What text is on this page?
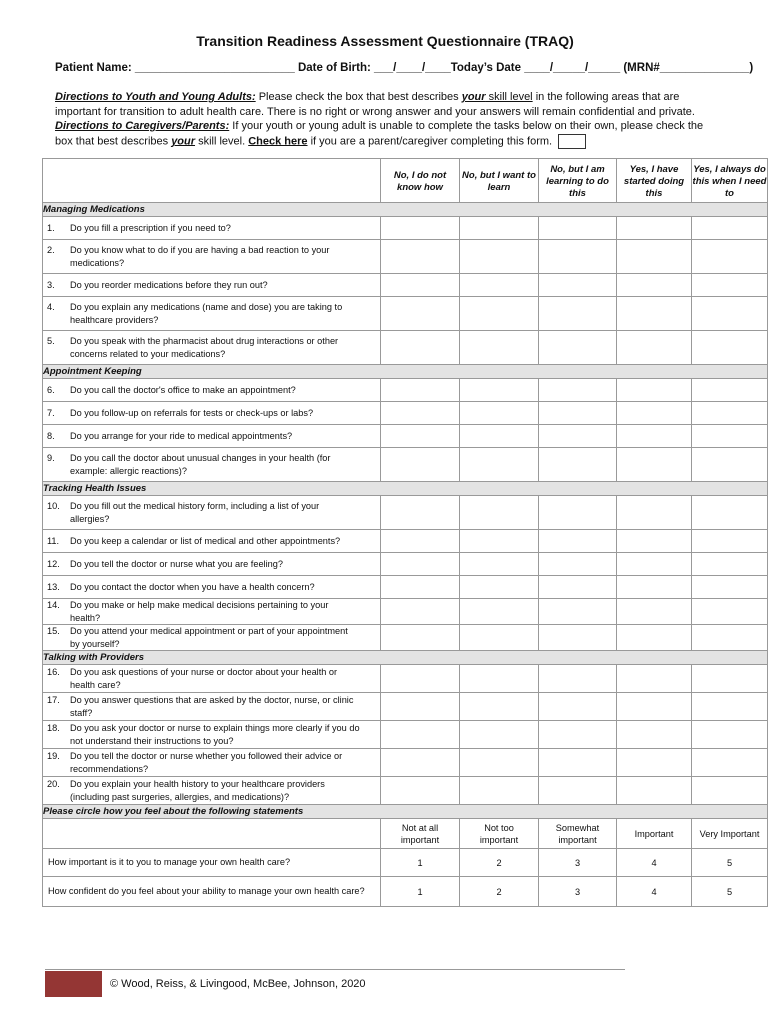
Transition Readiness Assessment Questionnaire (TRAQ)
Patient Name: _________________________ Date of Birth: ___/____/____Today’s Date ____/_____/_____ (MRN#______________)
Directions to Youth and Young Adults: Please check the box that best describes your skill level in the following areas that are important for transition to adult health care. There is no right or wrong answer and your answers will remain confidential and private.
Directions to Caregivers/Parents: If your youth or young adult is unable to complete the tasks below on their own, please check the box that best describes your skill level. Check here if you are a parent/caregiver completing this form.
	No, I do not know how	No, but I want to learn	No, but I am learning to do this	Yes, I have started doing this	Yes, I always do this when I need to
Managing Medications					
1. Do you fill a prescription if you need to?					
2. Do you know what to do if you are having a bad reaction to your medications?					
3. Do you reorder medications before they run out?					
4. Do you explain any medications (name and dose) you are taking to healthcare providers?					
5. Do you speak with the pharmacist about drug interactions or other concerns related to your medications?					
Appointment Keeping					
6. Do you call the doctor's office to make an appointment?					
7. Do you follow-up on referrals for tests or check-ups or labs?					
8. Do you arrange for your ride to medical appointments?					
9. Do you call the doctor about unusual changes in your health (for example: allergic reactions)?					
Tracking Health Issues					
10. Do you fill out the medical history form, including a list of your allergies?					
11. Do you keep a calendar or list of medical and other appointments?					
12. Do you tell the doctor or nurse what you are feeling?					
13. Do you contact the doctor when you have a health concern?					
14. Do you make or help make medical decisions pertaining to your health?					
15. Do you attend your medical appointment or part of your appointment by yourself?					
Talking with Providers					
16. Do you ask questions of your nurse or doctor about your health or health care?					
17. Do you answer questions that are asked by the doctor, nurse, or clinic staff?					
18. Do you ask your doctor or nurse to explain things more clearly if you do not understand their instructions to you?					
19. Do you tell the doctor or nurse whether you followed their advice or recommendations?					
20. Do you explain your health history to your healthcare providers (including past surgeries, allergies, and medications)?					
Please circle how you feel about the following statements					
	Not at all important	Not too important	Somewhat important	Important	Very Important
How important is it to you to manage your own health care?	1	2	3	4	5
How confident do you feel about your ability to manage your own health care?	1	2	3	4	5
© Wood, Reiss, & Livingood, McBee, Johnson, 2020
